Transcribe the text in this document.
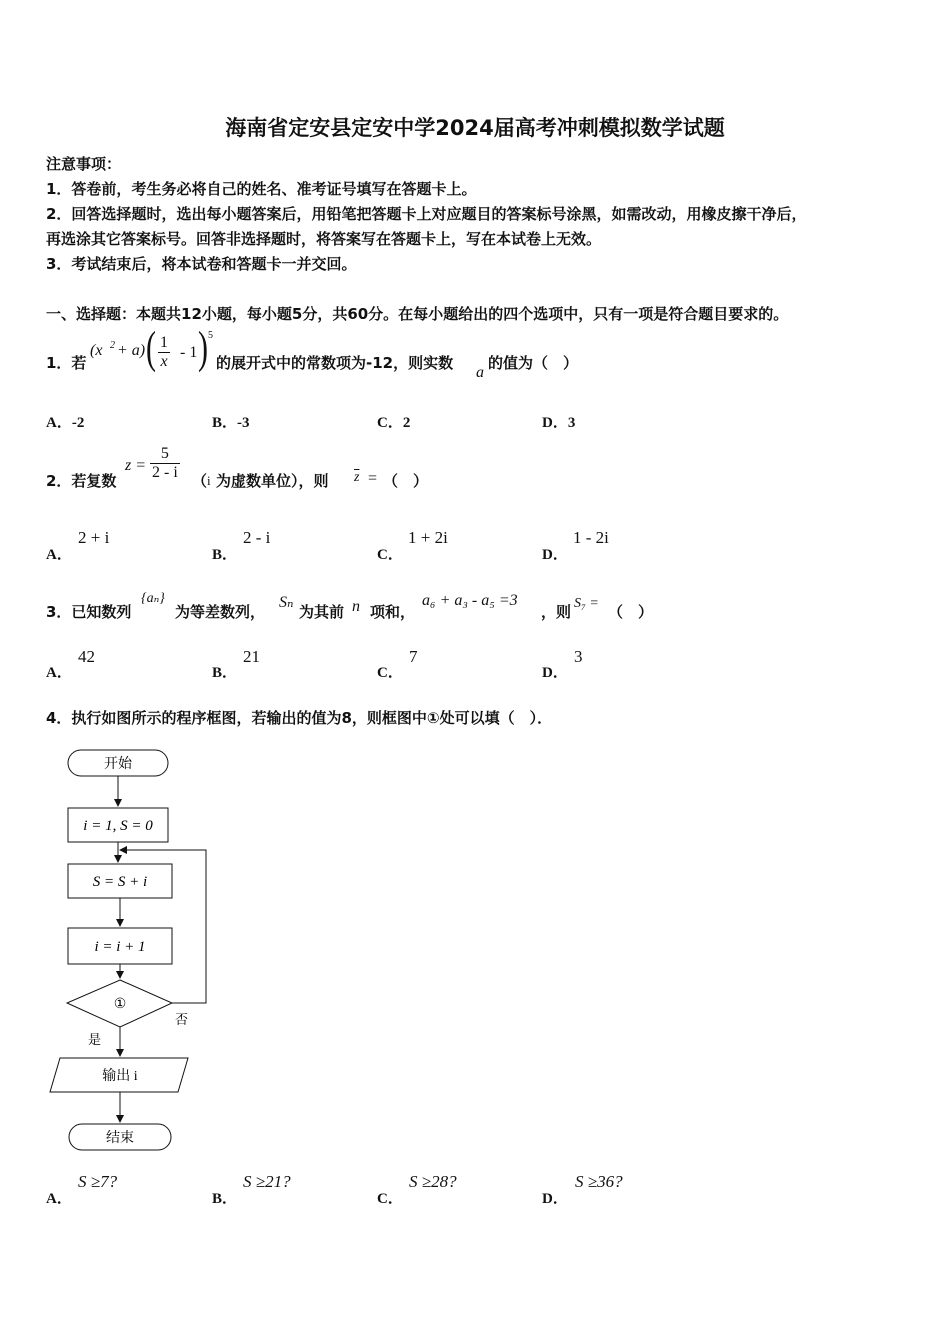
海南省定安县定安中学2024届高考冲刺模拟数学试题
注意事项：
1．答卷前，考生务必将自己的姓名、准考证号填写在答题卡上。
2．回答选择题时，选出每小题答案后，用铅笔把答题卡上对应题目的答案标号涂黑，如需改动，用橡皮擦干净后，
再选涂其它答案标号。回答非选择题时，将答案写在答题卡上，写在本试卷上无效。
3．考试结束后，将本试卷和答题卡一并交回。
一、选择题：本题共12小题，每小题5分，共60分。在每小题给出的四个选项中，只有一项是符合题目要求的。
1．若
(x 2 + a) ( $\frac{1}{x} - 1$ ) 5
的展开式中的常数项为-12，则实数
a
的值为（　）
A．-2	B．-3	C．2	D．3
2．若复数
$z = \frac{5}{2 - i}$ （ i 为虚数单位），则 $\overline{z}$ = （　）
A．
2 + i
B．
2 - i
C．
1 + 2i
D．
1 - 2i
3．已知数列
{aₙ}
为等差数列，
Sₙ
为其前 n 项和，
a₆ + a₃ - a₅ =3
，则 S₇ = （　）
A．
42
B．
21
C．
7
D．
3
4．执行如图所示的程序框图，若输出的值为8，则框图中①处可以填（　）．
开始
i = 1, S = 0
S = S + i
i = i + 1
①
否
是
输出 i
结束
A．
S ≥7?
B．
S ≥21?
C．
S ≥28?
D．
S ≥36?
